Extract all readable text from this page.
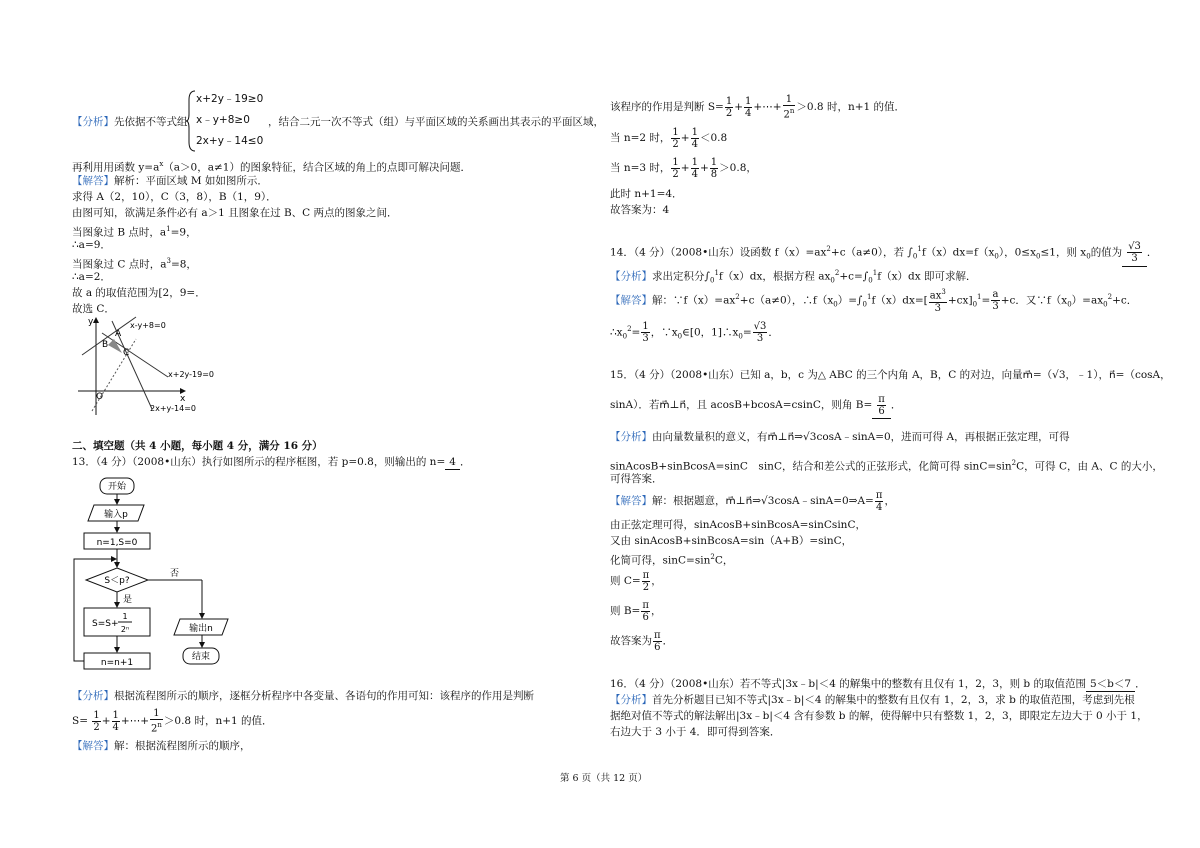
【分析】先依据不等式组
x+2y﹣19≥0
x﹣y+8≥0
2x+y﹣14≤0
，结合二元一次不等式（组）与平面区域的关系画出其表示的平面区域，
再利用用函数 $y=a^x(a>0$，a≠1）的图象特征，结合区域的角上的点即可解决问题．
【解答】解析：平面区域 M 如如图所示．
求得 A（2，10），C（3，8），B（1，9）．
由图可知，欲满足条件必有 a＞1 且图象在过 B、C 两点的图象之间．
当图象过 B 点时，$a^1=9$，
∴a=9．
当图象过 C 点时，$a^3=8$，
∴a=2．
故 a 的取值范围为[2，9=．
故选 C．
y
x
O
A
B
C
x-y+8=0
x+2y-19=0
2x+y-14=0
二、填空题（共 4 小题，每小题 4 分，满分 16 分）
13．（4 分）（2008•山东）执行如图所示的程序框图，若 p=0.8，则输出的 n= 4 ．
开始
输入p
n=1,S=0
S＜p?
否
是
S=S+
1
2ⁿ
n=n+1
输出n
结束
【分析】根据流程图所示的顺序，逐框分析程序中各变量、各语句的作用可知：该程序的作用是判断
$S= \frac{1}{2} + \frac{1}{4}$ +⋯+ $\frac{1}{2^n} >0.8$ 时，n+1 的值．
【解答】解：根据流程图所示的顺序，
该程序的作用是判断 $S= \frac{1}{2} + \frac{1}{4}$ +⋯+ $\frac{1}{2^n} >0.8$ 时，n+1 的值．
当 n=2 时， $\frac{1}{2} + \frac{1}{4} <0.8$
当 n=3 时， $\frac{1}{2} + \frac{1}{4} + \frac{1}{8} >0.8$，
此时 n+1=4．
故答案为：4
14．（4 分）（2008•山东）设函数 $f(x)=ax^2+c(a\ne 0)$，若 $\int_0^1f(x)dx=f(x_0)$，$0\le x_0\le 1$，则 $x_0$的值为 $\frac{√3}{3}$ ．
【分析】求出定积分$\int_0^1f(x)dx$，根据方程 $ax_0^2+c=\int_0^1f(x)dx$ 即可求解．
【解答】解：$\because f(x)=ax^2+c(a\ne 0)$，$\therefore f(x_0)=\int_0^1f(x)dx=[ \frac{ax^3}{3} +cx]_0^1= \frac{a}{3} +c$．又$\because f(x_0)=ax_0^2+c$．
$\therefore x_0^2= \frac{1}{3}$ ，$\because x_0\in[0$，$1]\therefore x_0= \frac{√3}{3}$ ．
15．（4 分）（2008•山东）已知 a，b，c 为△ ABC 的三个内角 A，B，C 的对边，向量m⃗=（√3，﹣1），n⃗=（cosA，
sinA）．若m⃗⊥n⃗，且 acosB+bcosA=csinC，则角 $B= \frac{\pi}{6}$ ．
【分析】由向量数量积的意义，有m⃗⊥n⃗⇒√3cosA﹣sinA=0，进而可得 A，再根据正弦定理，可得
sinAcosB+sinBcosA=sinC　sinC，结合和差公式的正弦形式，化简可得 $\sin C=\sin^2C$，可得 C，由 A、C 的大小，
可得答案．
【解答】解：根据题意，m⃗⊥n⃗⇒√3cosA﹣sinA=0⇒A= $\frac{\pi}{4}$ ，
由正弦定理可得，sinAcosB+sinBcosA=sinCsinC，
又由 sinAcosB+sinBcosA=sin（A+B）=sinC，
化简可得，$\sin C=\sin^2C$，
则 $C= \frac{\pi}{2}$ ，
则 $B= \frac{\pi}{6}$ ，
故答案为 $\frac{\pi}{6}$ ．
16．（4 分）（2008•山东）若不等式|3x﹣b|＜4 的解集中的整数有且仅有 1，2，3，则 b 的取值范围 5＜b＜7 ．
【分析】首先分析题目已知不等式|3x﹣b|＜4 的解集中的整数有且仅有 1，2，3，求 b 的取值范围，考虑到先根
据绝对值不等式的解法解出|3x﹣b|＜4 含有参数 b 的解，使得解中只有整数 1，2，3，即限定左边大于 0 小于 1，
右边大于 3 小于 4．即可得到答案．
第 6 页（共 12 页）
